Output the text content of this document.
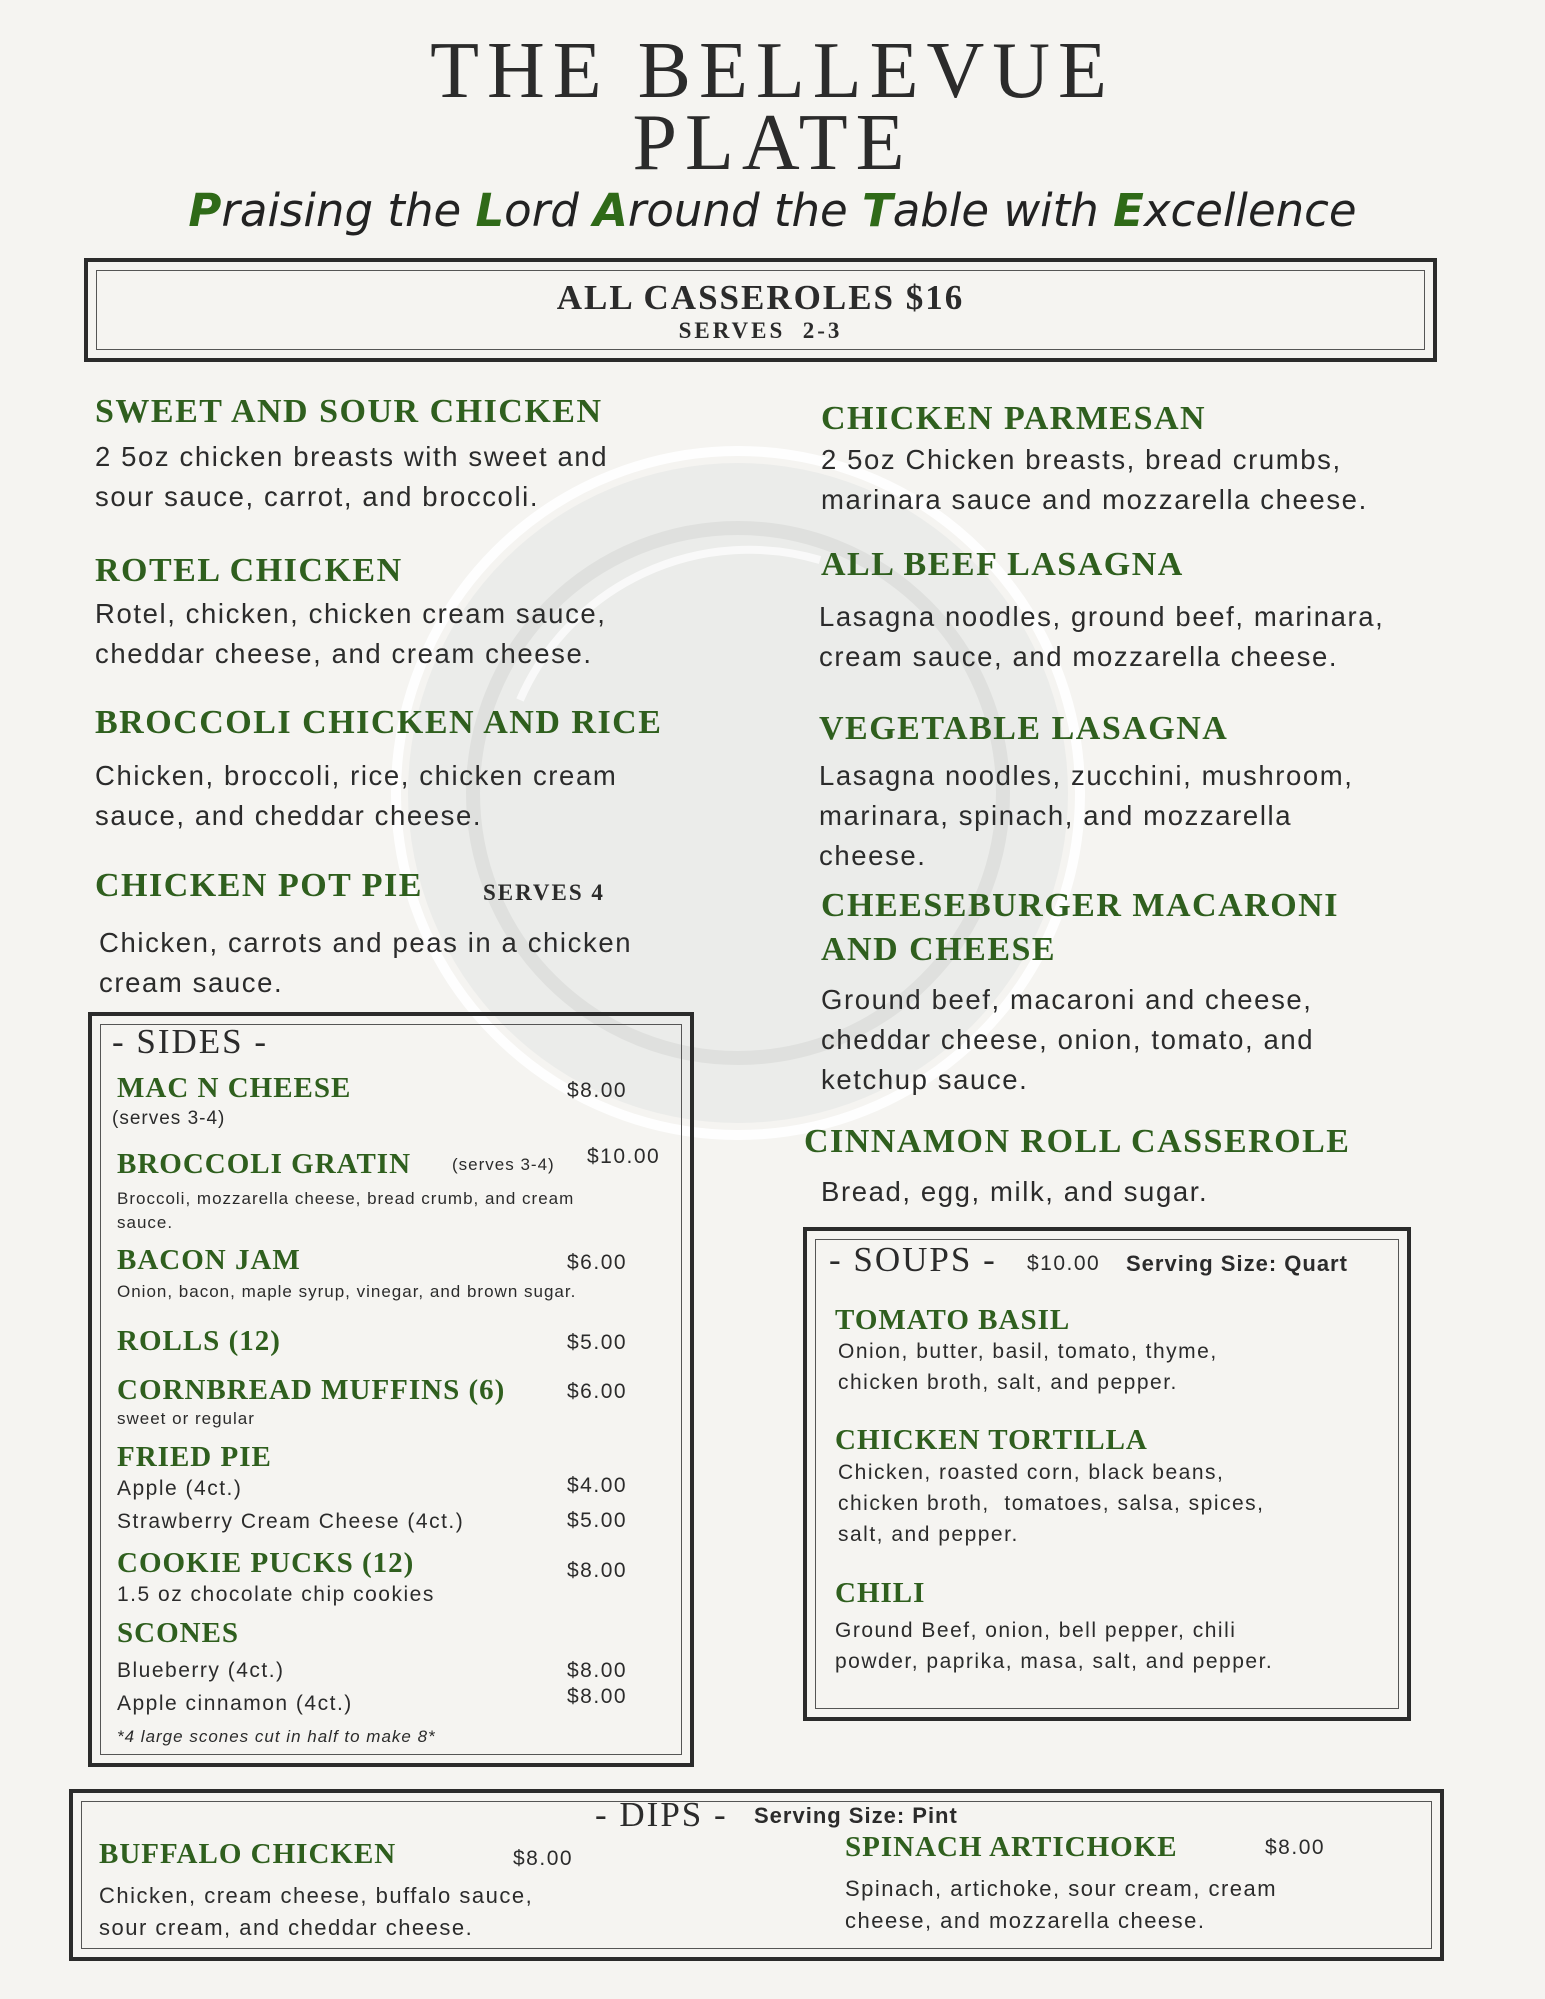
THE BELLEVUE
PLATE
Praising the Lord Around the Table with Excellence
ALL CASSEROLES $16
SERVES  2-3
SWEET AND SOUR CHICKEN
2 5oz chicken breasts with sweet and
sour sauce, carrot, and broccoli.
ROTEL CHICKEN
Rotel, chicken, chicken cream sauce,
cheddar cheese, and cream cheese.
BROCCOLI CHICKEN AND RICE
Chicken, broccoli, rice, chicken cream
sauce, and cheddar cheese.
CHICKEN POT PIE	SERVES 4
Chicken, carrots and peas in a chicken
cream sauce.
CHICKEN PARMESAN
2 5oz Chicken breasts, bread crumbs,
marinara sauce and mozzarella cheese.
ALL BEEF LASAGNA
Lasagna noodles, ground beef, marinara,
cream sauce, and mozzarella cheese.
VEGETABLE LASAGNA
Lasagna noodles, zucchini, mushroom,
marinara, spinach, and mozzarella
cheese.
CHEESEBURGER MACARONI
AND CHEESE
Ground beef, macaroni and cheese,
cheddar cheese, onion, tomato, and
ketchup sauce.
CINNAMON ROLL CASSEROLE
Bread, egg, milk, and sugar.
- SIDES -
MAC N CHEESE	$8.00
(serves 3-4)
BROCCOLI GRATIN (serves 3-4) $10.00
Broccoli, mozzarella cheese, bread crumb, and cream
sauce.
BACON JAM	$6.00
Onion, bacon, maple syrup, vinegar, and brown sugar.
ROLLS (12)	$5.00
CORNBREAD MUFFINS (6)	$6.00
sweet or regular
FRIED PIE
Apple (4ct.)	$4.00
Strawberry Cream Cheese (4ct.)	$5.00
COOKIE PUCKS (12)	$8.00
1.5 oz chocolate chip cookies
SCONES
Blueberry (4ct.)	$8.00
Apple cinnamon (4ct.)	$8.00
*4 large scones cut in half to make 8*
- SOUPS - $10.00 Serving Size: Quart
TOMATO BASIL
Onion, butter, basil, tomato, thyme,
chicken broth, salt, and pepper.
CHICKEN TORTILLA
Chicken, roasted corn, black beans,
chicken broth,  tomatoes, salsa, spices,
salt, and pepper.
CHILI
Ground Beef, onion, bell pepper, chili
powder, paprika, masa, salt, and pepper.
- DIPS - Serving Size: Pint
BUFFALO CHICKEN	$8.00
Chicken, cream cheese, buffalo sauce,
sour cream, and cheddar cheese.
SPINACH ARTICHOKE	$8.00
Spinach, artichoke, sour cream, cream
cheese, and mozzarella cheese.
